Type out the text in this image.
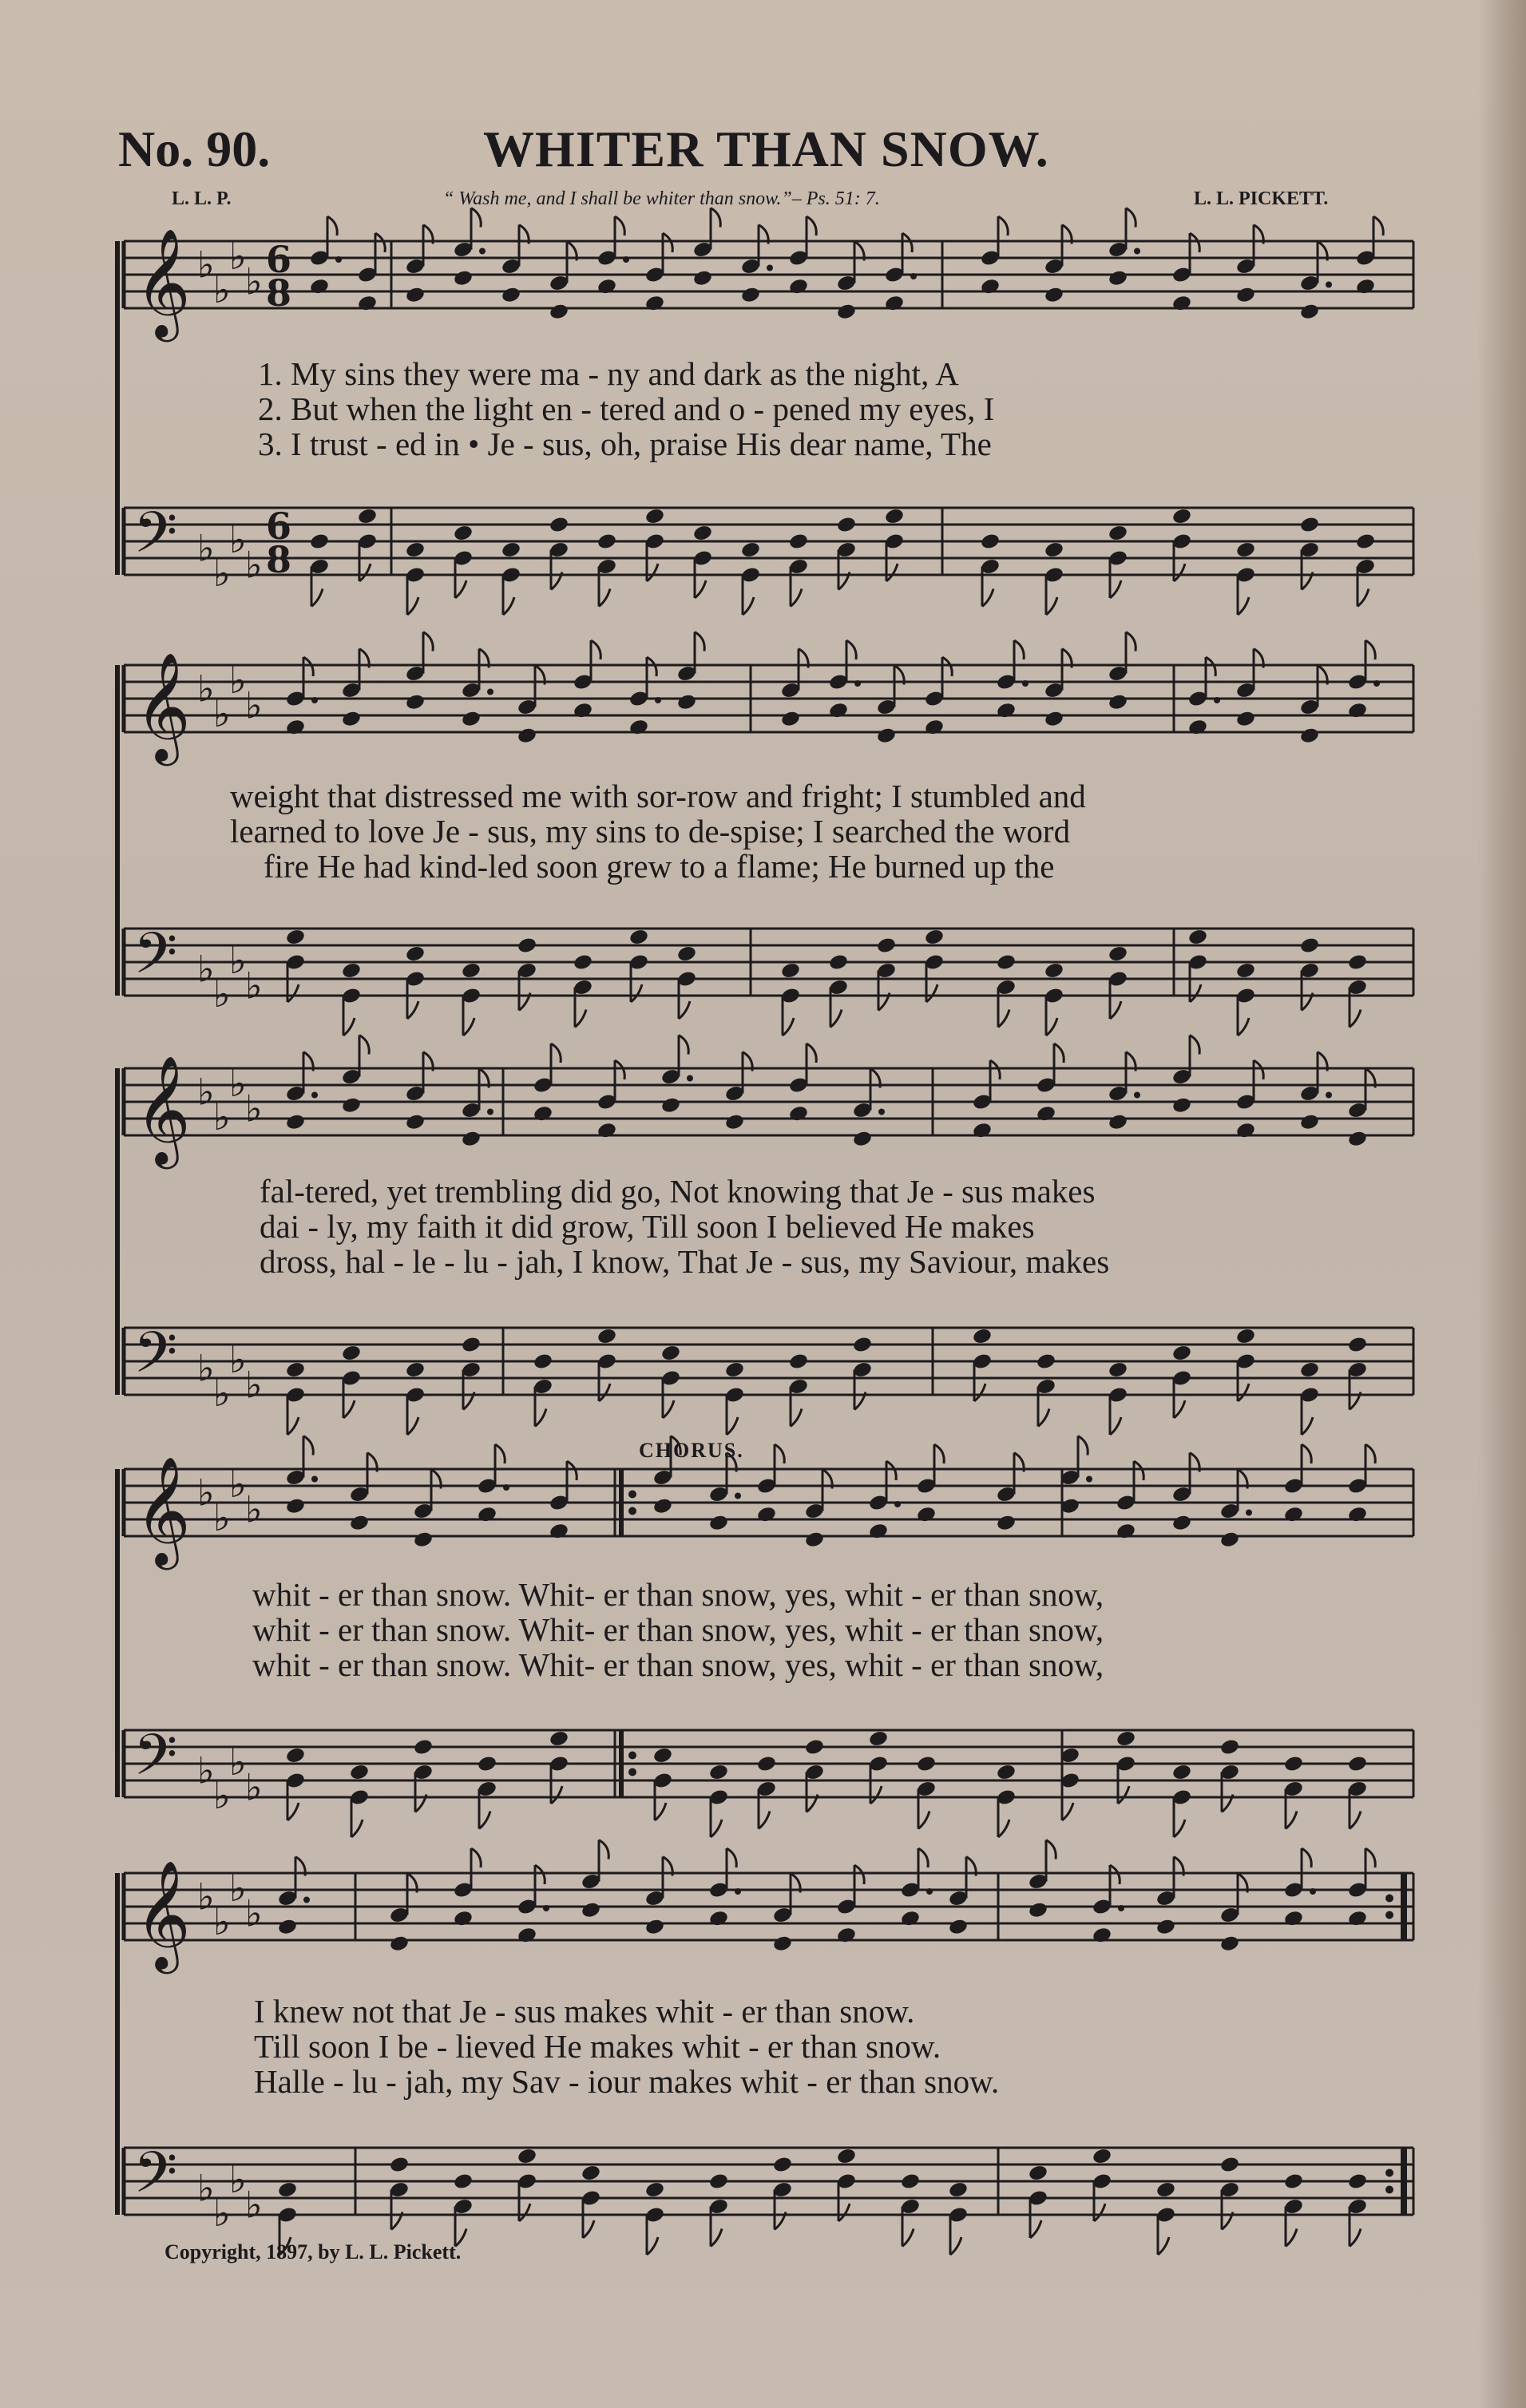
No. 90.	WHITER THAN SNOW.

L. L. P.	“ Wash me, and I shall be whiter than snow.”– Ps. 51: 7.	L. L. PICKETT.

𝄞
𝄢
♭
♭
♭
♭
♭
♭
♭
♭
6
8
6
8
𝄞
𝄢
♭
♭
♭
♭
♭
♭
♭
♭
𝄞
𝄢
♭
♭
♭
♭
♭
♭
♭
♭
𝄞
𝄢
♭
♭
♭
♭
♭
♭
♭
♭
𝄞
𝄢
♭
♭
♭
♭
♭
♭
♭
♭

CHORUS.

1. My sins they were ma - ny and dark as the night, A

2. But when the light en - tered and o - pened my eyes, I

3. I trust - ed in • Je - sus, oh, praise His dear name, The

weight that distressed me with sor-row and fright; I stumbled and

learned to love Je - sus, my sins to de-spise; I searched the word

fire He had kind-led soon grew to a flame; He burned up the

fal-tered, yet trembling did go, Not knowing that Je - sus makes

dai - ly, my faith it did grow, Till soon I believed He makes

dross, hal - le - lu - jah, I know, That Je - sus, my Saviour, makes

whit - er than snow. Whit- er than snow, yes, whit - er than snow,

whit - er than snow. Whit- er than snow, yes, whit - er than snow,

whit - er than snow. Whit- er than snow, yes, whit - er than snow,

I knew not that Je - sus makes whit - er than snow.

Till soon I be - lieved He makes whit - er than snow.

Halle - lu - jah, my Sav - iour makes whit - er than snow.

Copyright, 1897, by L. L. Pickett.
